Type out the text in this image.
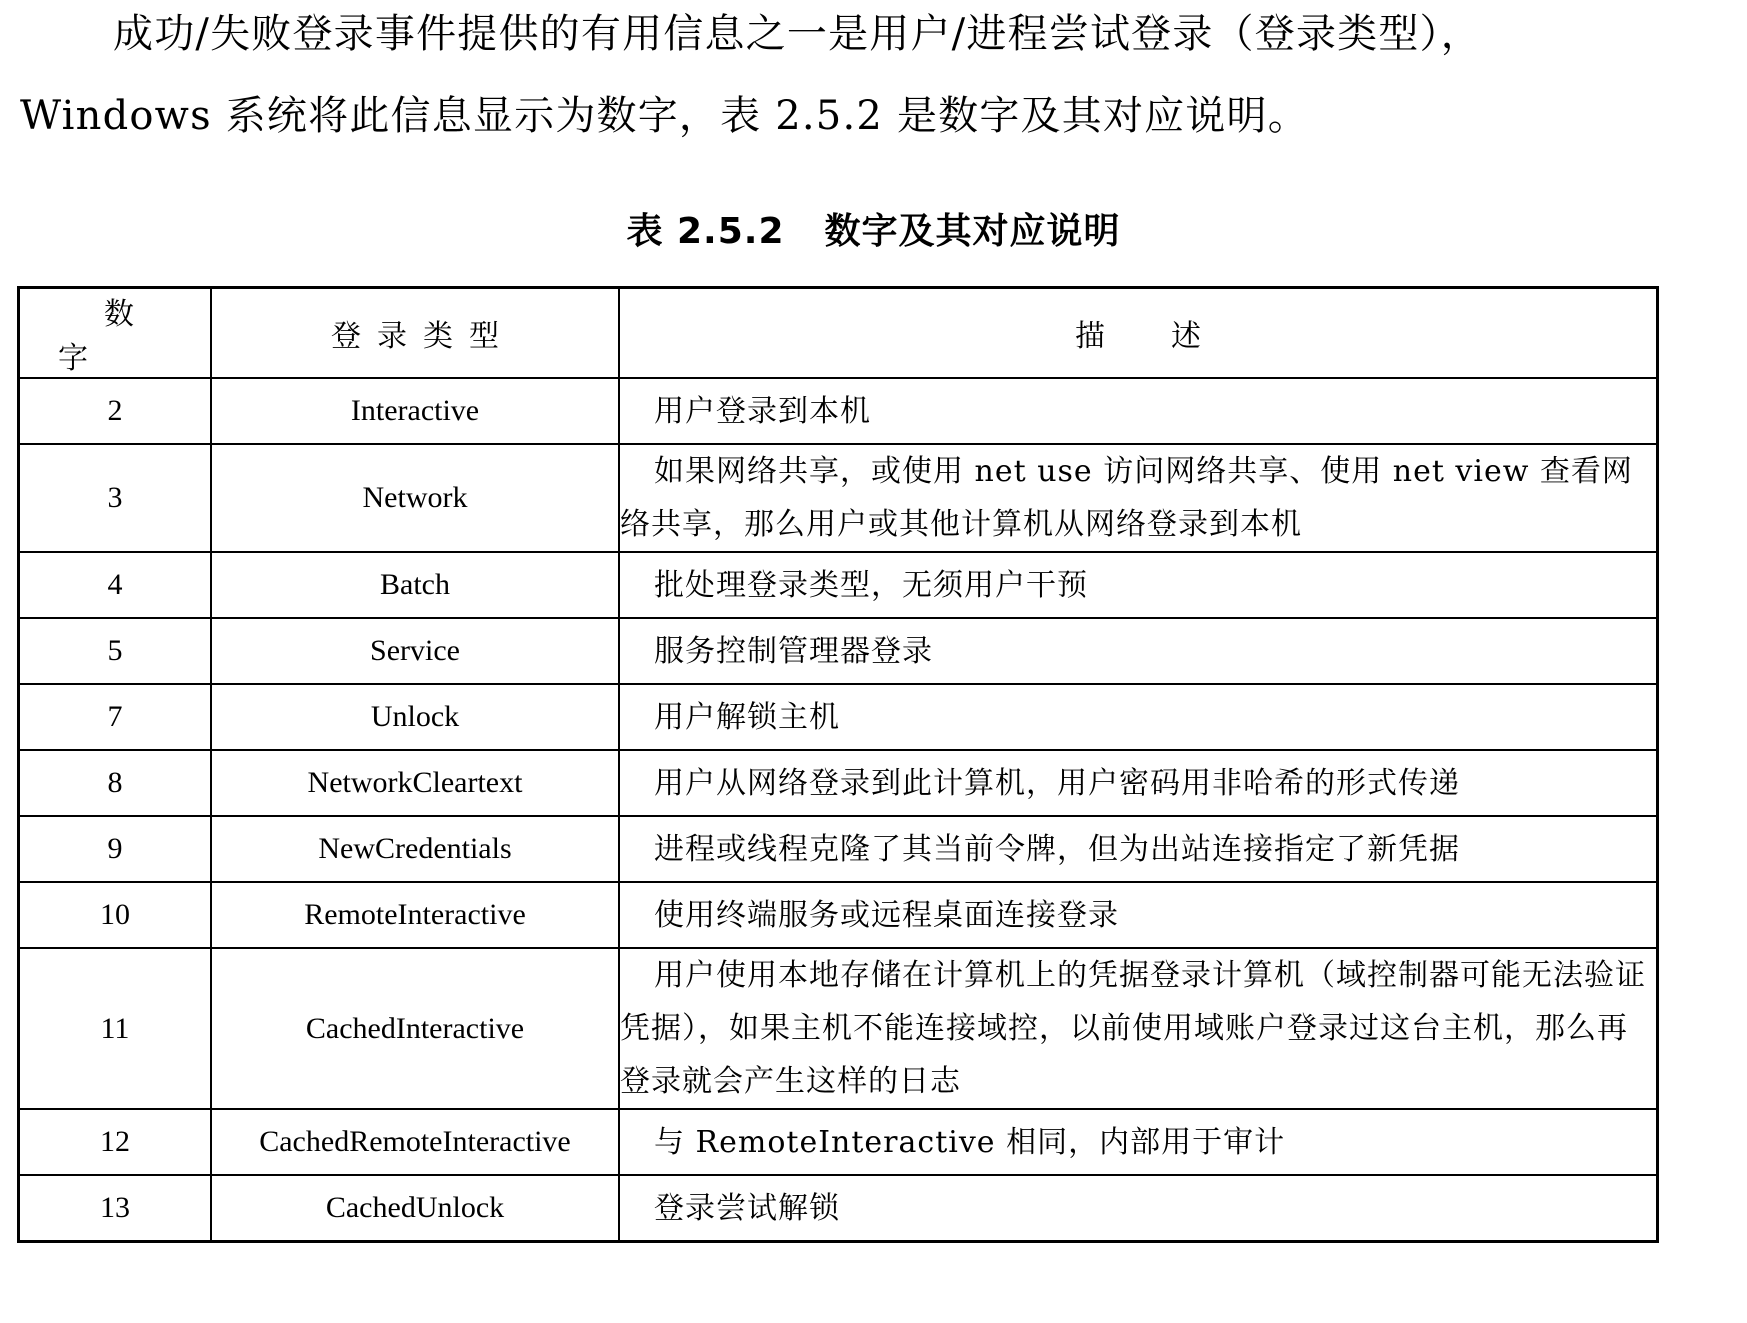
成功/失败登录事件提供的有用信息之一是用户/进程尝试登录（登录类型），
Windows 系统将此信息显示为数字，表 2.5.2 是数字及其对应说明。
表 2.5.2 数字及其对应说明
数字	登录类型	描述
2	Interactive	用户登录到本机
3	Network	如果网络共享，或使用 net use 访问网络共享、使用 net view 查看网络共享，那么用户或其他计算机从网络登录到本机
4	Batch	批处理登录类型，无须用户干预
5	Service	服务控制管理器登录
7	Unlock	用户解锁主机
8	NetworkCleartext	用户从网络登录到此计算机，用户密码用非哈希的形式传递
9	NewCredentials	进程或线程克隆了其当前令牌，但为出站连接指定了新凭据
10	RemoteInteractive	使用终端服务或远程桌面连接登录
11	CachedInteractive	用户使用本地存储在计算机上的凭据登录计算机（域控制器可能无法验证凭据），如果主机不能连接域控，以前使用域账户登录过这台主机，那么再登录就会产生这样的日志
12	CachedRemoteInteractive	与 RemoteInteractive 相同，内部用于审计
13	CachedUnlock	登录尝试解锁
